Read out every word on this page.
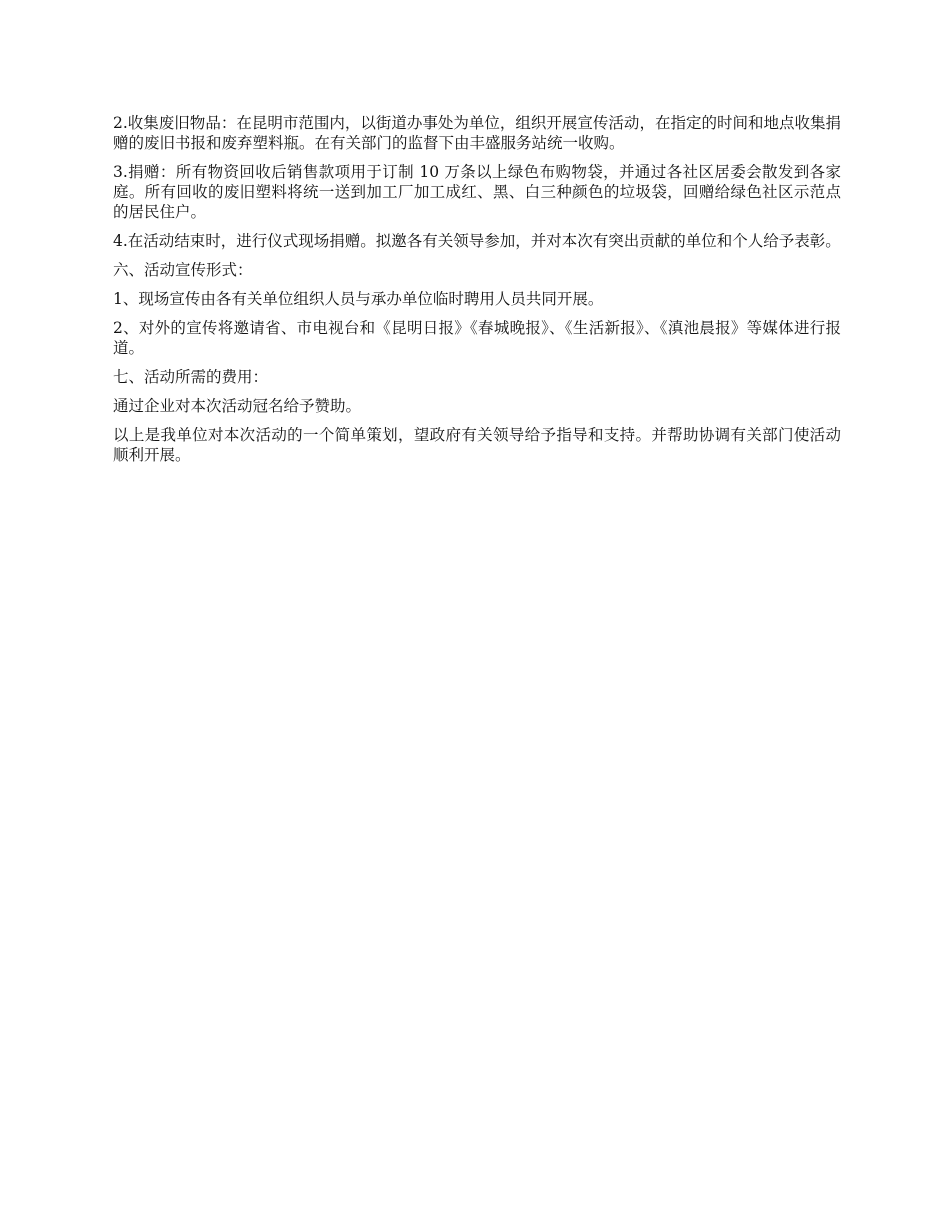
2.收集废旧物品：在昆明市范围内，以街道办事处为单位，组织开展宣传活动，在指定的时间和地点收集捐赠的废旧书报和废弃塑料瓶。在有关部门的监督下由丰盛服务站统一收购。

3.捐赠：所有物资回收后销售款项用于订制 10 万条以上绿色布购物袋，并通过各社区居委会散发到各家庭。所有回收的废旧塑料将统一送到加工厂加工成红、黑、白三种颜色的垃圾袋，回赠给绿色社区示范点的居民住户。

4.在活动结束时，进行仪式现场捐赠。拟邀各有关领导参加，并对本次有突出贡献的单位和个人给予表彰。

六、活动宣传形式：

1、现场宣传由各有关单位组织人员与承办单位临时聘用人员共同开展。

2、对外的宣传将邀请省、市电视台和《昆明日报》《春城晚报》、《生活新报》、《滇池晨报》等媒体进行报道。

七、活动所需的费用：

通过企业对本次活动冠名给予赞助。

以上是我单位对本次活动的一个简单策划，望政府有关领导给予指导和支持。并帮助协调有关部门使活动顺利开展。
